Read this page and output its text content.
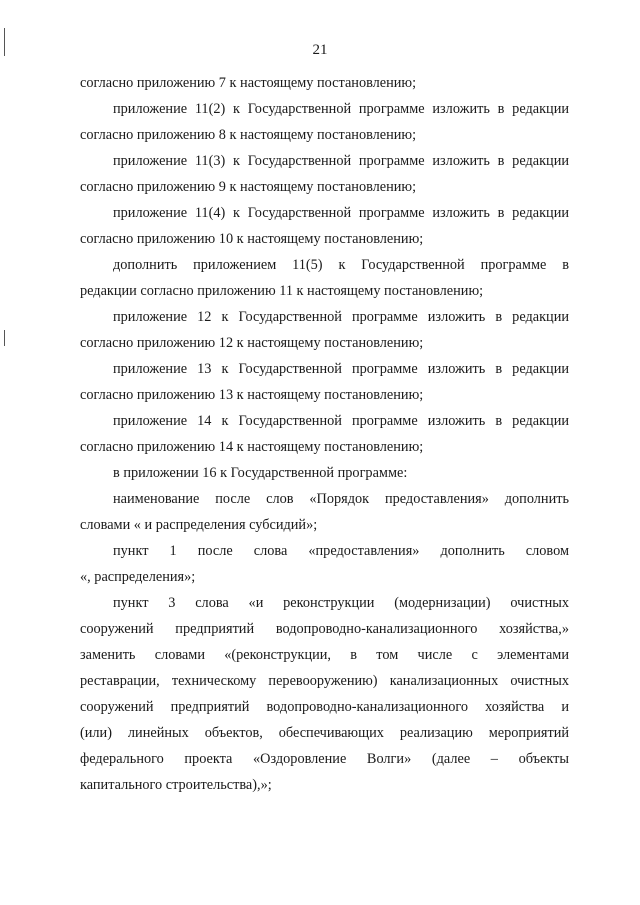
21

согласно приложению 7 к настоящему постановлению;

приложение 11(2) к Государственной программе изложить в редакции
согласно приложению 8 к настоящему постановлению;

приложение 11(3) к Государственной программе изложить в редакции
согласно приложению 9 к настоящему постановлению;

приложение 11(4) к Государственной программе изложить в редакции
согласно приложению 10 к настоящему постановлению;

дополнить приложением 11(5) к Государственной программе в
редакции согласно приложению 11 к настоящему постановлению;

приложение 12 к Государственной программе изложить в редакции
согласно приложению 12 к настоящему постановлению;

приложение 13 к Государственной программе изложить в редакции
согласно приложению 13 к настоящему постановлению;

приложение 14 к Государственной программе изложить в редакции
согласно приложению 14 к настоящему постановлению;

в приложении 16 к Государственной программе:

наименование после слов «Порядок предоставления» дополнить
словами « и распределения субсидий»;

пункт 1 после слова «предоставления» дополнить словом
«, распределения»;

пункт 3 слова «и реконструкции (модернизации) очистных
сооружений предприятий водопроводно-канализационного хозяйства,»
заменить словами «(реконструкции, в том числе с элементами
реставрации, техническому перевооружению) канализационных очистных
сооружений предприятий водопроводно-канализационного хозяйства и
(или) линейных объектов, обеспечивающих реализацию мероприятий
федерального проекта «Оздоровление Волги» (далее – объекты
капитального строительства),»;
